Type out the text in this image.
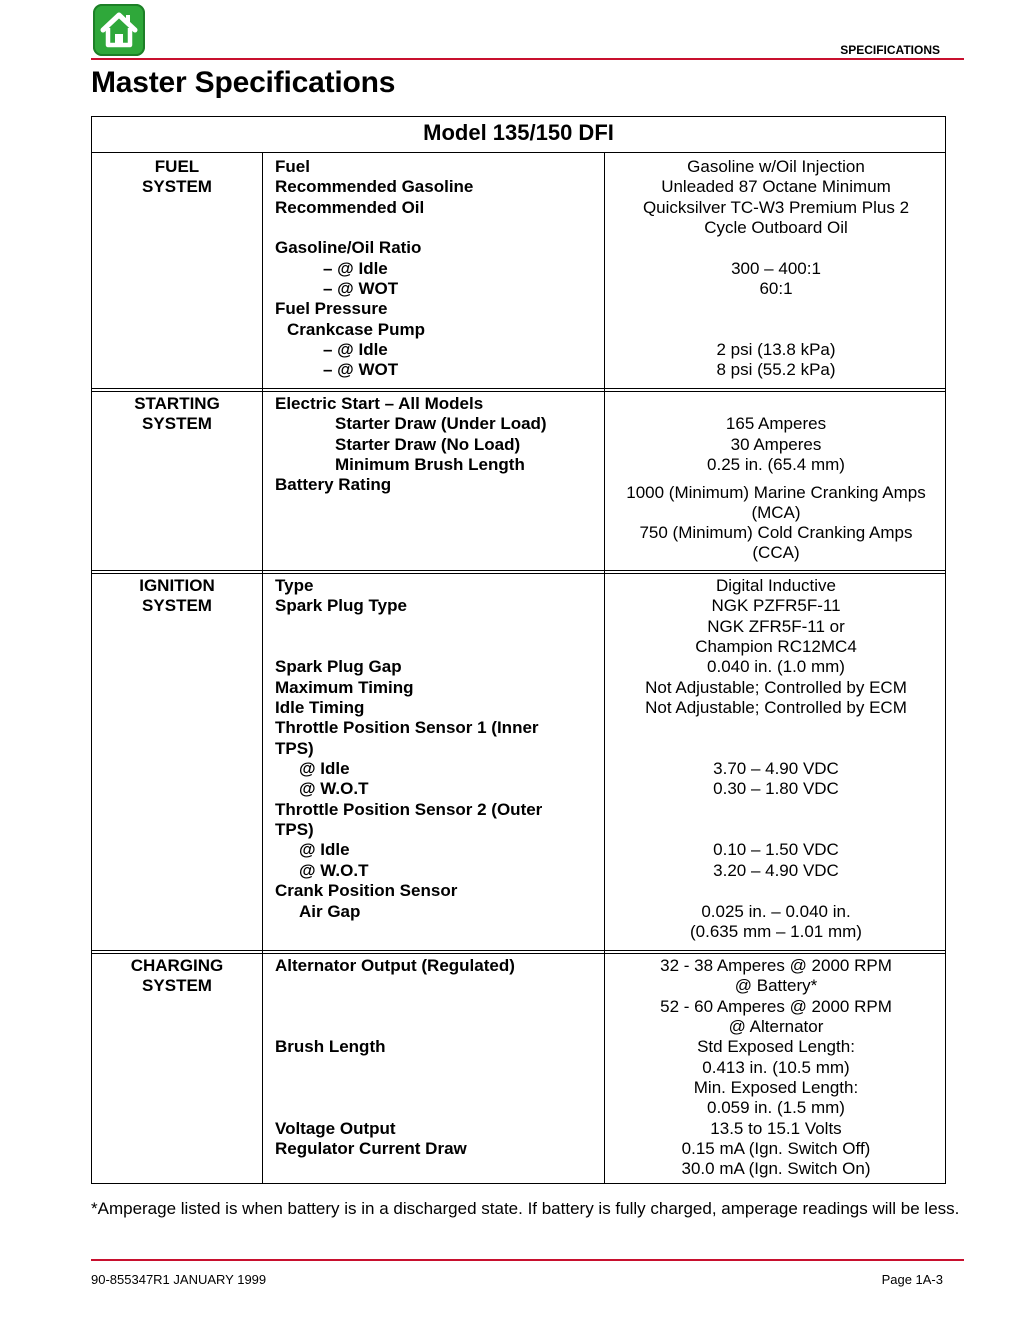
SPECIFICATIONS
Master Specifications
Model 135/150 DFI
FUEL
SYSTEM
Fuel
Recommended Gasoline
Recommended Oil
Gasoline/Oil Ratio
– @ Idle
– @ WOT
Fuel Pressure
Crankcase Pump
– @ Idle
– @ WOT
Gasoline w/Oil Injection
Unleaded 87 Octane Minimum
Quicksilver TC-W3 Premium Plus 2
Cycle Outboard Oil
300 – 400:1
60:1
2 psi (13.8 kPa)
8 psi (55.2 kPa)
STARTING
SYSTEM
Electric Start – All Models
Starter Draw (Under Load)
Starter Draw (No Load)
Minimum Brush Length
Battery Rating
165 Amperes
30 Amperes
0.25 in. (65.4 mm)
1000 (Minimum) Marine Cranking Amps
(MCA)
750 (Minimum) Cold Cranking Amps
(CCA)
IGNITION
SYSTEM
Type
Spark Plug Type
Spark Plug Gap
Maximum Timing
Idle Timing
Throttle Position Sensor 1 (Inner
TPS)
@ Idle
@ W.O.T
Throttle Position Sensor 2 (Outer
TPS)
@ Idle
@ W.O.T
Crank Position Sensor
Air Gap
Digital Inductive
NGK PZFR5F-11
NGK ZFR5F-11 or
Champion RC12MC4
0.040 in. (1.0 mm)
Not Adjustable; Controlled by ECM
Not Adjustable; Controlled by ECM
3.70 – 4.90 VDC
0.30 – 1.80 VDC
0.10 – 1.50 VDC
3.20 – 4.90 VDC
0.025 in. – 0.040 in.
(0.635 mm – 1.01 mm)
CHARGING
SYSTEM
Alternator Output (Regulated)
Brush Length
Voltage Output
Regulator Current Draw
32 - 38 Amperes @ 2000 RPM
@ Battery*
52 - 60 Amperes @ 2000 RPM
@ Alternator
Std Exposed Length:
0.413 in. (10.5 mm)
Min. Exposed Length:
0.059 in. (1.5 mm)
13.5 to 15.1 Volts
0.15 mA (Ign. Switch Off)
30.0 mA (Ign. Switch On)
*Amperage listed is when battery is in a discharged state. If battery is fully charged, amperage readings will be less.
90-855347R1 JANUARY 1999	Page 1A-3
